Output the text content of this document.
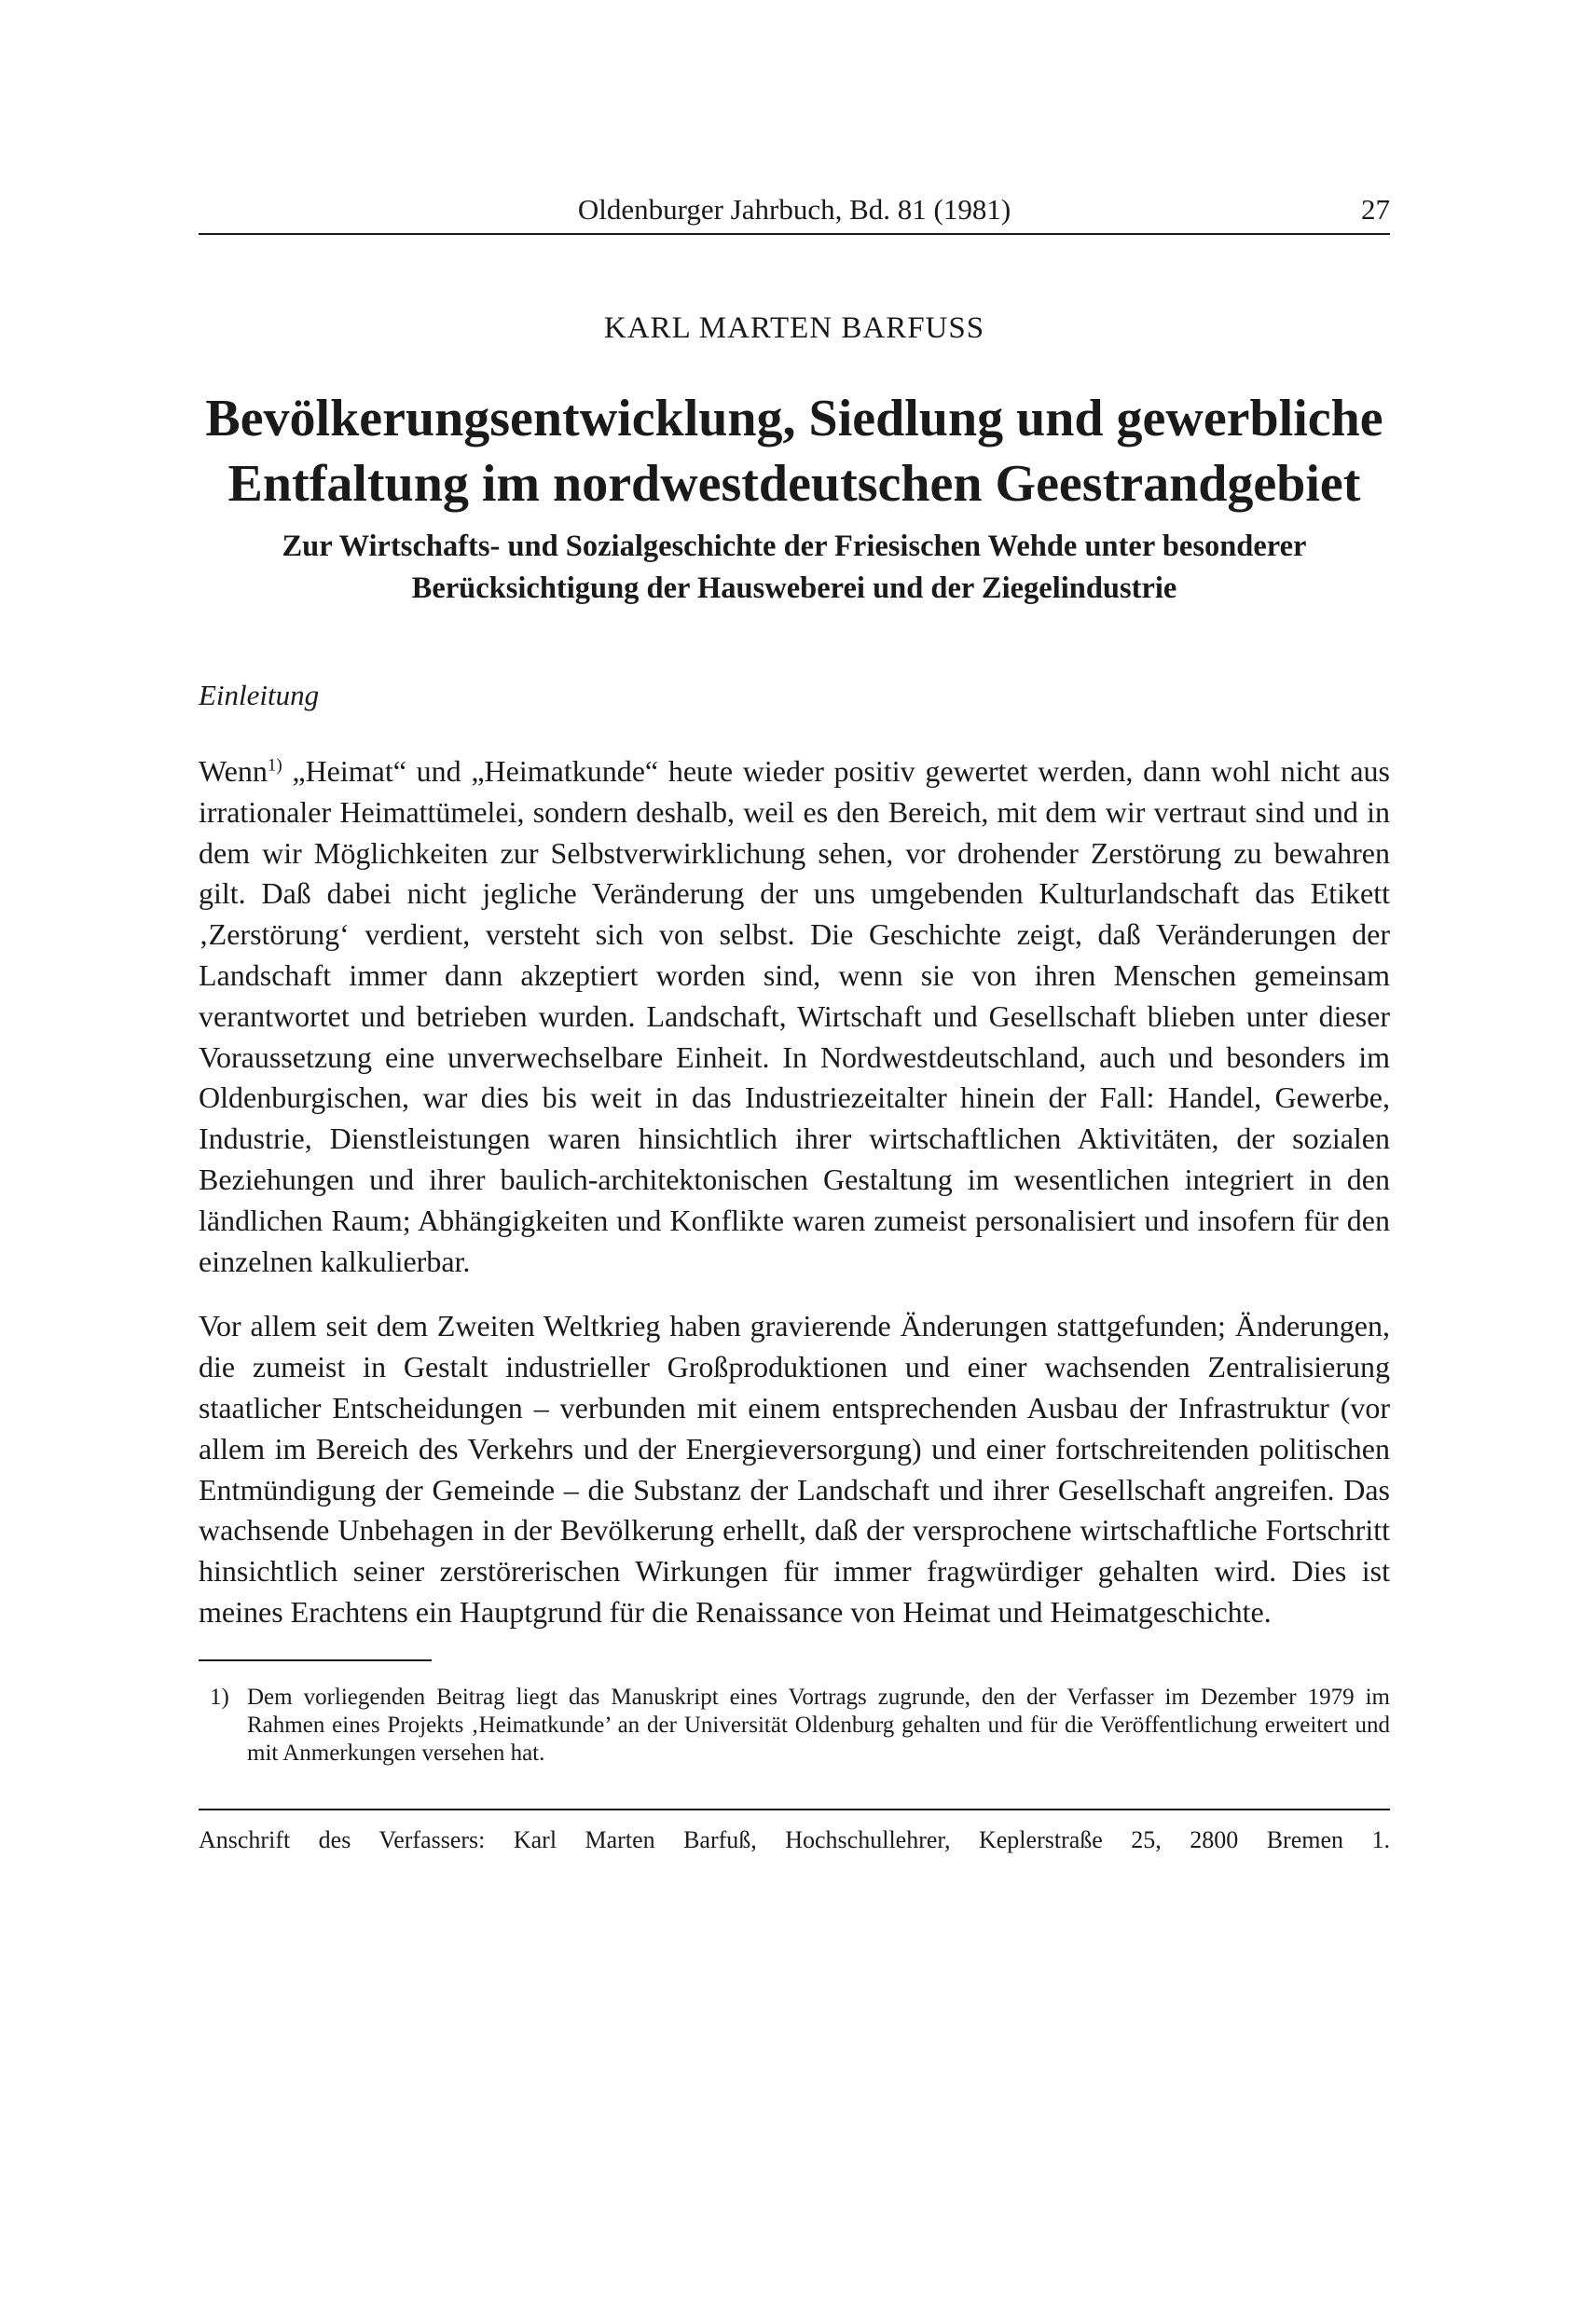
Oldenburger Jahrbuch, Bd. 81 (1981)	27
KARL MARTEN BARFUSS
Bevölkerungsentwicklung, Siedlung und gewerbliche Entfaltung im nordwestdeutschen Geestrandgebiet
Zur Wirtschafts- und Sozialgeschichte der Friesischen Wehde unter besonderer Berücksichtigung der Hausweberei und der Ziegelindustrie
Einleitung

Wenn$^{1)}$ „Heimat“ und „Heimatkunde“ heute wieder positiv gewertet werden, dann wohl nicht aus irrationaler Heimattümelei, sondern deshalb, weil es den Bereich, mit dem wir vertraut sind und in dem wir Möglichkeiten zur Selbstverwirklichung sehen, vor drohender Zerstörung zu bewahren gilt. Daß dabei nicht jegliche Veränderung der uns umgebenden Kulturlandschaft das Etikett ‚Zerstörung‘ verdient, versteht sich von selbst. Die Geschichte zeigt, daß Veränderungen der Landschaft immer dann akzeptiert worden sind, wenn sie von ihren Menschen gemeinsam verantwortet und betrieben wurden. Landschaft, Wirtschaft und Gesellschaft blieben unter dieser Voraussetzung eine unverwechselbare Einheit. In Nordwestdeutschland, auch und besonders im Oldenburgischen, war dies bis weit in das Industriezeitalter hinein der Fall: Handel, Gewerbe, Industrie, Dienstleistungen waren hinsichtlich ihrer wirtschaftlichen Aktivitäten, der sozialen Beziehungen und ihrer baulich-architektonischen Gestaltung im wesentlichen integriert in den ländlichen Raum; Abhängigkeiten und Konflikte waren zumeist personalisiert und insofern für den einzelnen kalkulierbar.

Vor allem seit dem Zweiten Weltkrieg haben gravierende Änderungen stattgefunden; Änderungen, die zumeist in Gestalt industrieller Großproduktionen und einer wachsenden Zentralisierung staatlicher Entscheidungen – verbunden mit einem entsprechenden Ausbau der Infrastruktur (vor allem im Bereich des Verkehrs und der Energieversorgung) und einer fortschreitenden politischen Entmündigung der Gemeinde – die Substanz der Landschaft und ihrer Gesellschaft angreifen. Das wachsende Unbehagen in der Bevölkerung erhellt, daß der versprochene wirtschaftliche Fortschritt hinsichtlich seiner zerstörerischen Wirkungen für immer fragwürdiger gehalten wird. Dies ist meines Erachtens ein Hauptgrund für die Renaissance von Heimat und Heimatgeschichte.

1) Dem vorliegenden Beitrag liegt das Manuskript eines Vortrags zugrunde, den der Verfasser im Dezember 1979 im Rahmen eines Projekts ‚Heimatkunde’ an der Universität Oldenburg gehalten und für die Veröffentlichung erweitert und mit Anmerkungen versehen hat.
Anschrift des Verfassers: Karl Marten Barfuß, Hochschullehrer, Keplerstraße 25, 2800 Bremen 1.
